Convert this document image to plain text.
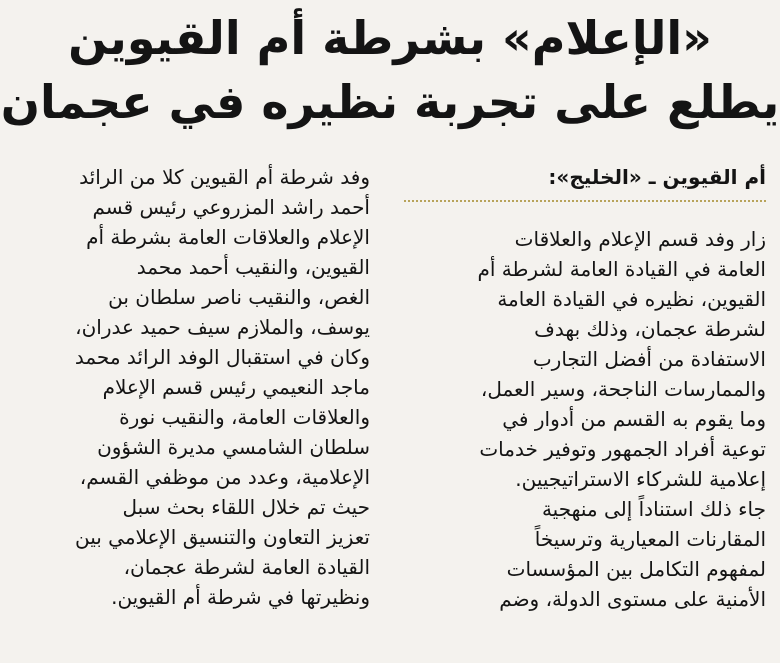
«الإعلام» بشرطة أم القيوين
يطلع على تجربة نظيره في عجمان
أم القيوين ـ «الخليج»:
زار وفد قسم الإعلام والعلاقات
العامة في القيادة العامة لشرطة أم
القيوين، نظيره في القيادة العامة
لشرطة عجمان، وذلك بهدف
الاستفادة من أفضل التجارب
والممارسات الناجحة، وسير العمل،
وما يقوم به القسم من أدوار في
توعية أفراد الجمهور وتوفير خدمات
إعلامية للشركاء الاستراتيجيين.
جاء ذلك استناداً إلى منهجية
المقارنات المعيارية وترسيخاً
لمفهوم التكامل بين المؤسسات
الأمنية على مستوى الدولة، وضم
وفد شرطة أم القيوين كلا من الرائد
أحمد راشد المزروعي رئيس قسم
الإعلام والعلاقات العامة بشرطة أم
القيوين، والنقيب أحمد محمد
الغص، والنقيب ناصر سلطان بن
يوسف، والملازم سيف حميد عدران،
وكان في استقبال الوفد الرائد محمد
ماجد النعيمي رئيس قسم الإعلام
والعلاقات العامة، والنقيب نورة
سلطان الشامسي مديرة الشؤون
الإعلامية، وعدد من موظفي القسم،
حيث تم خلال اللقاء بحث سبل
تعزيز التعاون والتنسيق الإعلامي بين
القيادة العامة لشرطة عجمان،
ونظيرتها في شرطة أم القيوين.
